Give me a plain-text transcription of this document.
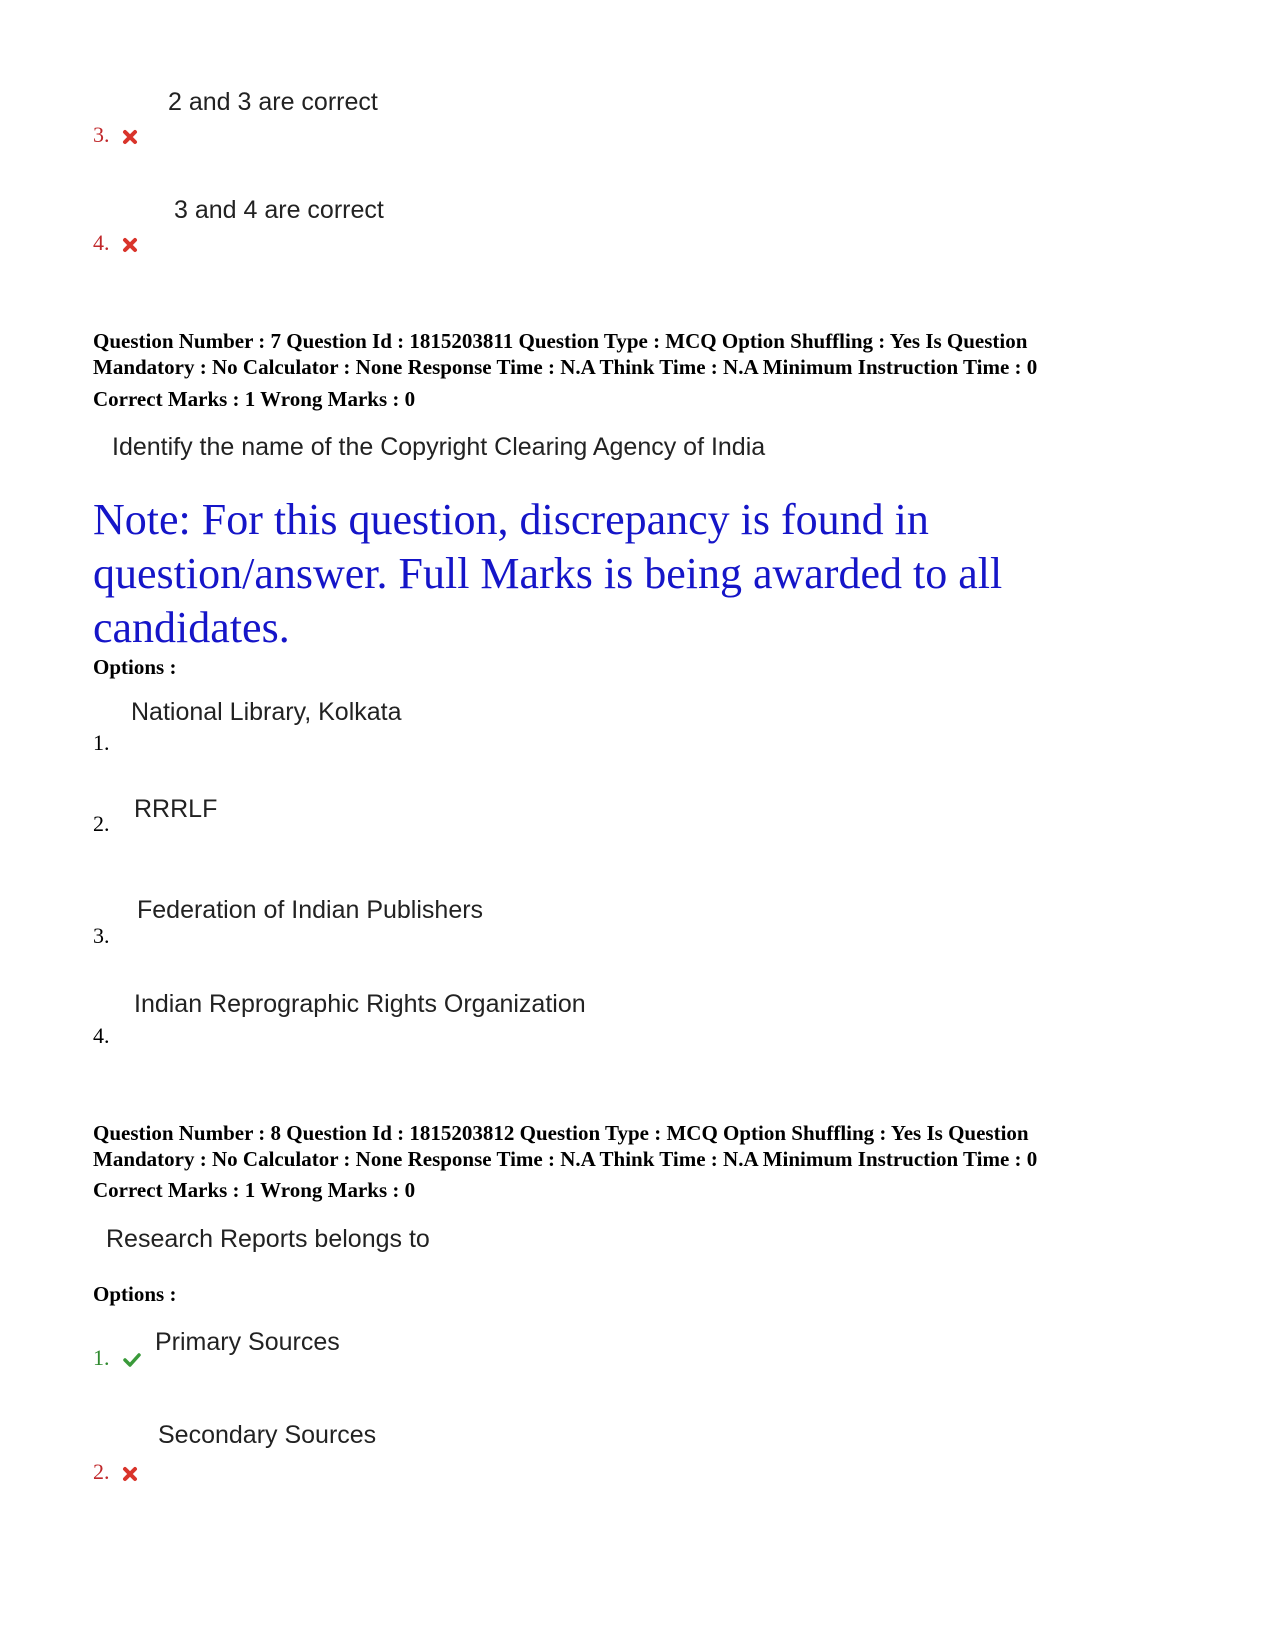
2 and 3 are correct
3.
3 and 4 are correct
4.
Question Number : 7 Question Id : 1815203811 Question Type : MCQ Option Shuffling : Yes Is Question
Mandatory : No Calculator : None Response Time : N.A Think Time : N.A Minimum Instruction Time : 0
Correct Marks : 1 Wrong Marks : 0
Identify the name of the Copyright Clearing Agency of India
Note: For this question, discrepancy is found in
question/answer. Full Marks is being awarded to all
candidates.
Options :
National Library, Kolkata
1.
RRRLF
2.
Federation of Indian Publishers
3.
Indian Reprographic Rights Organization
4.
Question Number : 8 Question Id : 1815203812 Question Type : MCQ Option Shuffling : Yes Is Question
Mandatory : No Calculator : None Response Time : N.A Think Time : N.A Minimum Instruction Time : 0
Correct Marks : 1 Wrong Marks : 0
Research Reports belongs to
Options :
Primary Sources
1.
Secondary Sources
2.
